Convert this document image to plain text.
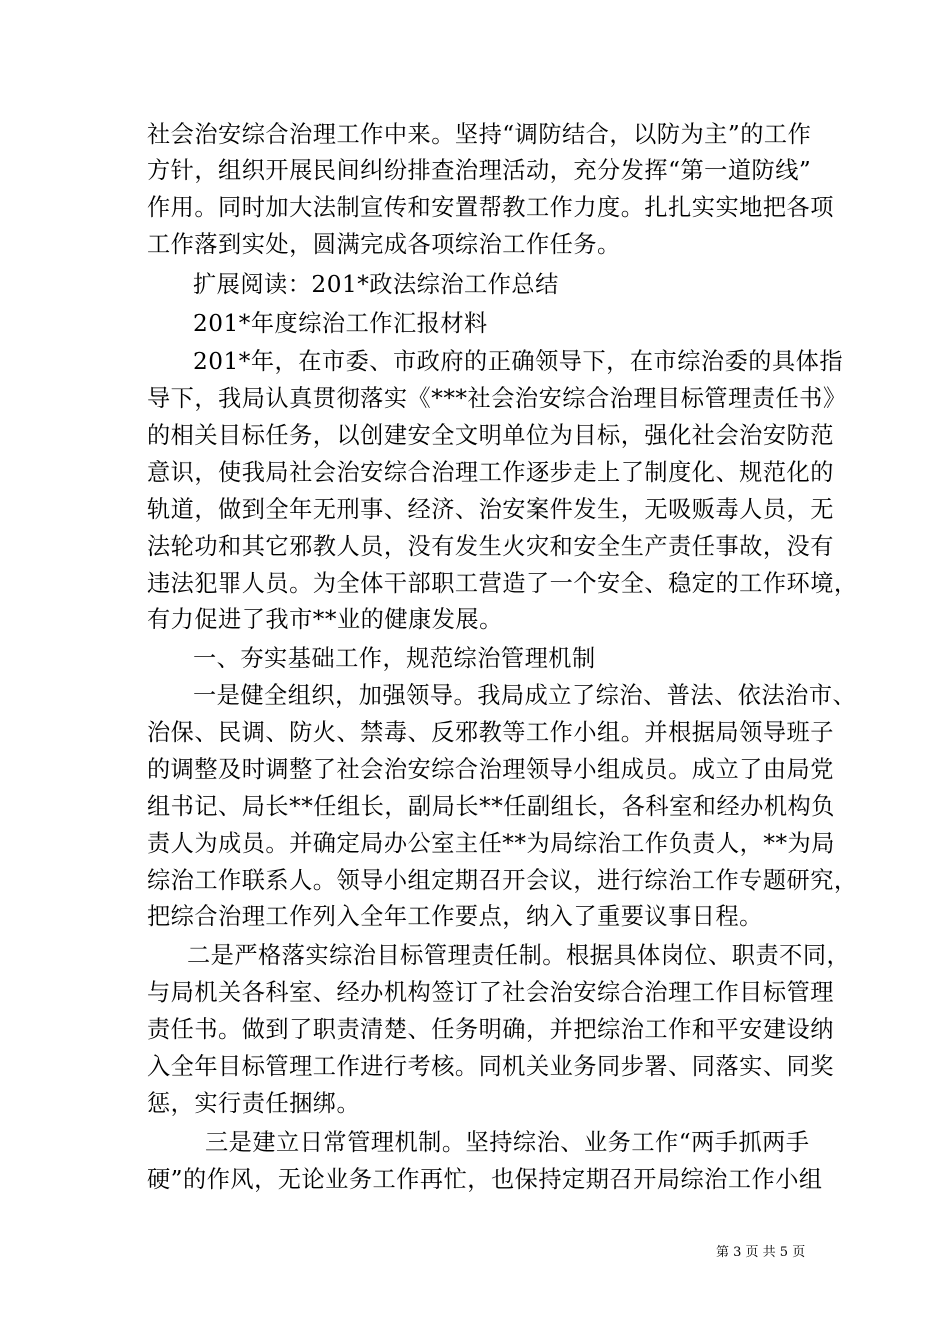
社会治安综合治理工作中来。坚持“调防结合，以防为主”的工作
方针，组织开展民间纠纷排查治理活动，充分发挥“第一道防线”
作用。同时加大法制宣传和安置帮教工作力度。扎扎实实地把各项
工作落到实处，圆满完成各项综治工作任务。
扩展阅读：201*政法综治工作总结
201*年度综治工作汇报材料
201*年，在市委、市政府的正确领导下，在市综治委的具体指
导下，我局认真贯彻落实《***社会治安综合治理目标管理责任书》
的相关目标任务，以创建安全文明单位为目标，强化社会治安防范
意识，使我局社会治安综合治理工作逐步走上了制度化、规范化的
轨道，做到全年无刑事、经济、治安案件发生，无吸贩毒人员，无
法轮功和其它邪教人员，没有发生火灾和安全生产责任事故，没有
违法犯罪人员。为全体干部职工营造了一个安全、稳定的工作环境，
有力促进了我市**业的健康发展。
一、夯实基础工作，规范综治管理机制
一是健全组织，加强领导。我局成立了综治、普法、依法治市、
治保、民调、防火、禁毒、反邪教等工作小组。并根据局领导班子
的调整及时调整了社会治安综合治理领导小组成员。成立了由局党
组书记、局长**任组长，副局长**任副组长，各科室和经办机构负
责人为成员。并确定局办公室主任**为局综治工作负责人，**为局
综治工作联系人。领导小组定期召开会议，进行综治工作专题研究，
把综合治理工作列入全年工作要点，纳入了重要议事日程。
二是严格落实综治目标管理责任制。根据具体岗位、职责不同，
与局机关各科室、经办机构签订了社会治安综合治理工作目标管理
责任书。做到了职责清楚、任务明确，并把综治工作和平安建设纳
入全年目标管理工作进行考核。同机关业务同步署、同落实、同奖
惩，实行责任捆绑。
三是建立日常管理机制。坚持综治、业务工作“两手抓两手
硬”的作风，无论业务工作再忙，也保持定期召开局综治工作小组
第 3 页 共 5 页
